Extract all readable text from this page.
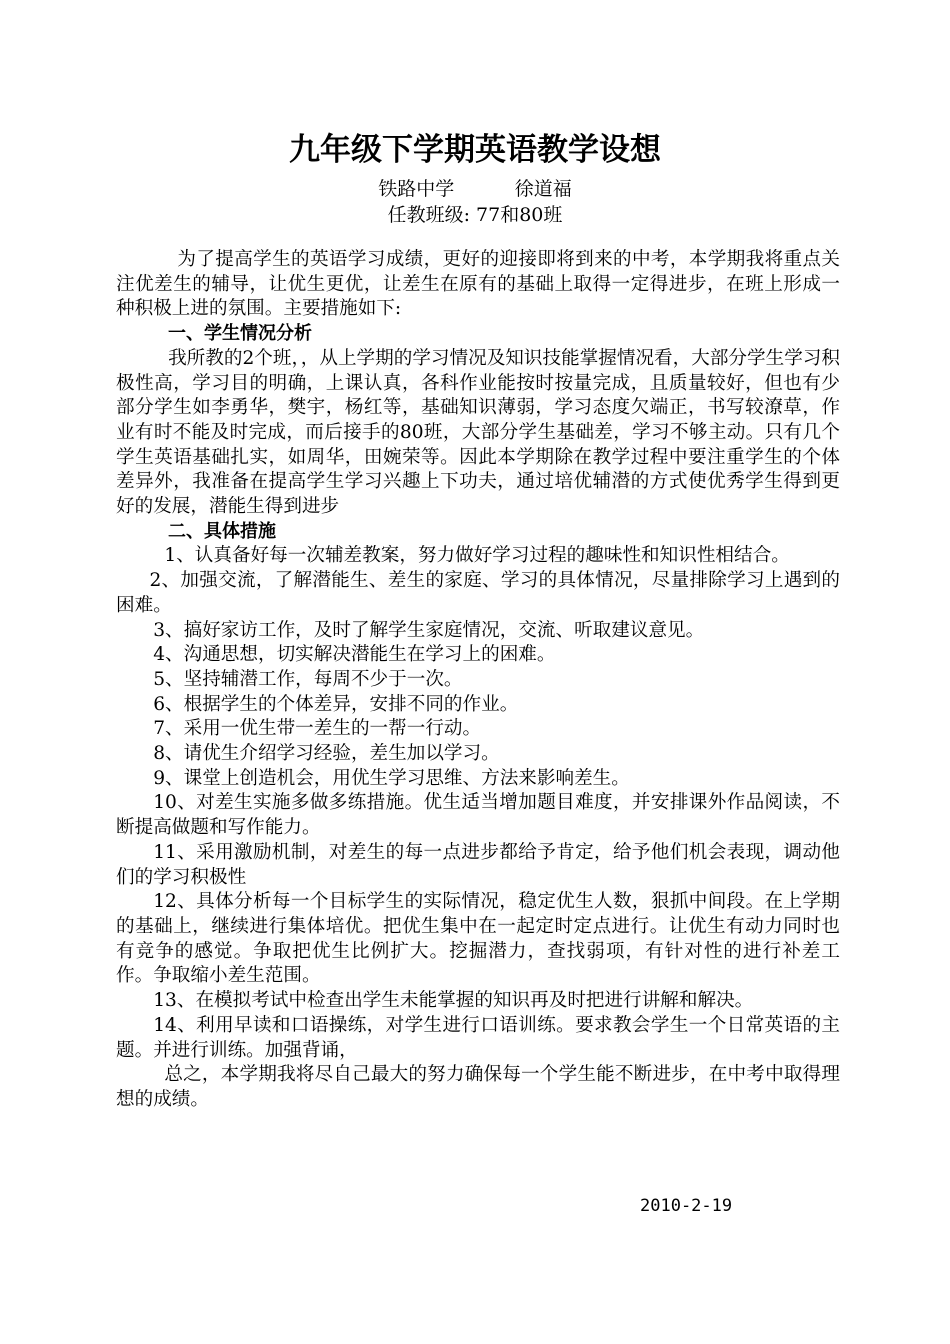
九年级下学期英语教学设想
铁路中学          徐道福
任教班级: 77和80班

为了提高学生的英语学习成绩，更好的迎接即将到来的中考，本学期我将重点关注优差生的辅导，让优生更优，让差生在原有的基础上取得一定得进步，在班上形成一种积极上进的氛围。主要措施如下:

一、学生情况分析

我所教的2个班，，从上学期的学习情况及知识技能掌握情况看，大部分学生学习积极性高，学习目的明确，上课认真，各科作业能按时按量完成，且质量较好，但也有少部分学生如李勇华，樊宇，杨红等，基础知识薄弱，学习态度欠端正，书写较潦草，作业有时不能及时完成，而后接手的80班，大部分学生基础差，学习不够主动。只有几个学生英语基础扎实，如周华，田婉荣等。因此本学期除在教学过程中要注重学生的个体差异外，我准备在提高学生学习兴趣上下功夫，通过培优辅潜的方式使优秀学生得到更好的发展，潜能生得到进步

二、具体措施

1、认真备好每一次辅差教案，努力做好学习过程的趣味性和知识性相结合。

2、加强交流，了解潜能生、差生的家庭、学习的具体情况，尽量排除学习上遇到的困难。

3、搞好家访工作，及时了解学生家庭情况，交流、听取建议意见。

4、沟通思想，切实解决潜能生在学习上的困难。

5、坚持辅潜工作，每周不少于一次。

6、根据学生的个体差异，安排不同的作业。

7、采用一优生带一差生的一帮一行动。

8、请优生介绍学习经验，差生加以学习。

9、课堂上创造机会，用优生学习思维、方法来影响差生。

10、对差生实施多做多练措施。优生适当增加题目难度，并安排课外作品阅读，不断提高做题和写作能力。

11、采用激励机制，对差生的每一点进步都给予肯定，给予他们机会表现，调动他们的学习积极性

12、具体分析每一个目标学生的实际情况，稳定优生人数，狠抓中间段。在上学期的基础上，继续进行集体培优。把优生集中在一起定时定点进行。让优生有动力同时也有竞争的感觉。争取把优生比例扩大。挖掘潜力，查找弱项，有针对性的进行补差工作。争取缩小差生范围。

13、在模拟考试中检查出学生未能掌握的知识再及时把进行讲解和解决。

14、利用早读和口语操练，对学生进行口语训练。要求教会学生一个日常英语的主题。并进行训练。加强背诵，

总之，本学期我将尽自己最大的努力确保每一个学生能不断进步，在中考中取得理想的成绩。

2010-2-19
